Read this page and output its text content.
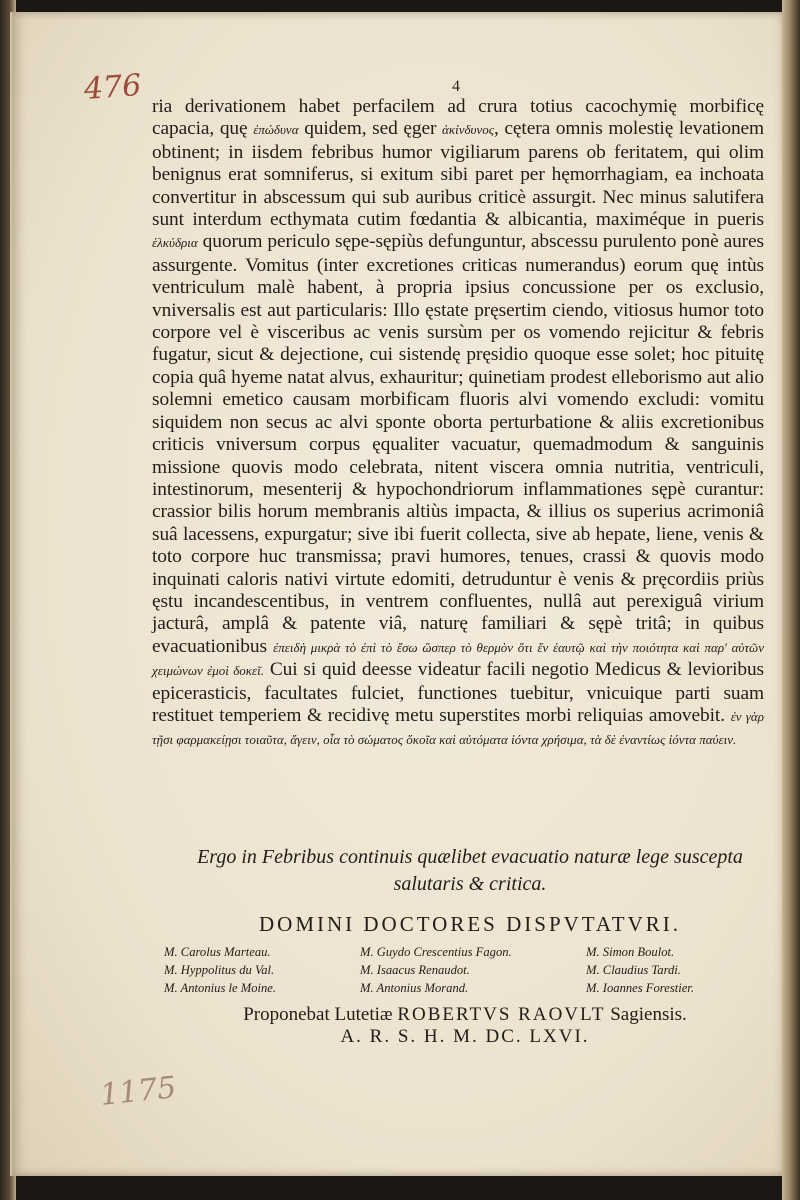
476
1175
4

ria derivationem habet perfacilem ad crura totius cacochymię morbificę capacia, quę ἐπώδυνα quidem, sed ęger ἀκίνδυνος, cętera omnis molestię levationem obtinent; in iisdem febribus humor vigiliarum parens ob feritatem, qui olim benignus erat somniferus, si exitum sibi paret per hęmorrhagiam, ea inchoata convertitur in abscessum qui sub auribus criticè assurgit. Nec minus salutifera sunt interdum ecthymata cutim fœdantia & albicantia, maximéque in pueris ἑλκύδρια quorum periculo sępe-sępiùs defunguntur, abscessu purulento ponè aures assurgente. Vomitus (inter excretiones criticas numerandus) eorum quę intùs ventriculum malè habent, à propria ipsius concussione per os exclusio, vniversalis est aut particularis: Illo ęstate pręsertim ciendo, vitiosus humor toto corpore vel è visceribus ac venis sursùm per os vomendo rejicitur & febris fugatur, sicut & dejectione, cui sistendę pręsidio quoque esse solet; hoc pituitę copia quâ hyeme natat alvus, exhauritur; quinetiam prodest elleborismo aut alio solemni emetico causam morbificam fluoris alvi vomendo excludi: vomitu siquidem non secus ac alvi sponte oborta perturbatione & aliis excretionibus criticis vniversum corpus ęqualiter vacuatur, quemadmodum & sanguinis missione quovis modo celebrata, nitent viscera omnia nutritia, ventriculi, intestinorum, mesenterij & hypochondriorum inflammationes sępè curantur: crassior bilis horum membranis altiùs impacta, & illius os superius acrimoniâ suâ lacessens, expurgatur; sive ibi fuerit collecta, sive ab hepate, liene, venis & toto corpore huc transmissa; pravi humores, tenues, crassi & quovis modo inquinati caloris nativi virtute edomiti, detruduntur è venis & pręcordiis priùs ęstu incandescentibus, in ventrem confluentes, nullâ aut perexiguâ virium jacturâ, amplâ & patente viâ, naturę familiari & sępè tritâ; in quibus evacuationibus ἐπειδὴ μικρὰ τὸ ἐπὶ τὸ ἔσω ὥσπερ τὸ θερμὸν ὅτι ἔν ἑαυτῷ καὶ τὴν ποιότητα καὶ παρ' αὐτῶν χειμώνων ἐμοὶ δοκεῖ. Cui si quid deesse videatur facili negotio Medicus & levioribus epicerasticis, facultates fulciet, functiones tuebitur, vnicuique parti suam restituet temperiem & recidivę metu superstites morbi reliquias amovebit. ἐν γὰρ τῇσι φαρμακείῃσι τοιαῦτα, ἄγειν, οἷα τὸ σώματος ὅκοῖα καὶ αὐτόματα ἰόντα χρήσιμα, τὰ δὲ ἐναντίως ἰόντα παύειν.

Ergo in Febribus continuis quælibet evacuatio naturæ lege suscepta
salutaris & critica.
DOMINI DOCTORES DISPVTATVRI.
M. Carolus Marteau.	M. Guydo Crescentius Fagon.	M. Simon Boulot.
M. Hyppolitus du Val.	M. Isaacus Renaudot.	M. Claudius Tardi.
M. Antonius le Moine.	M. Antonius Morand.	M. Ioannes Forestier.
Proponebat Lutetiæ ROBERTVS RAOVLT Sagiensis.
A. R. S. H. M. DC. LXVI.
